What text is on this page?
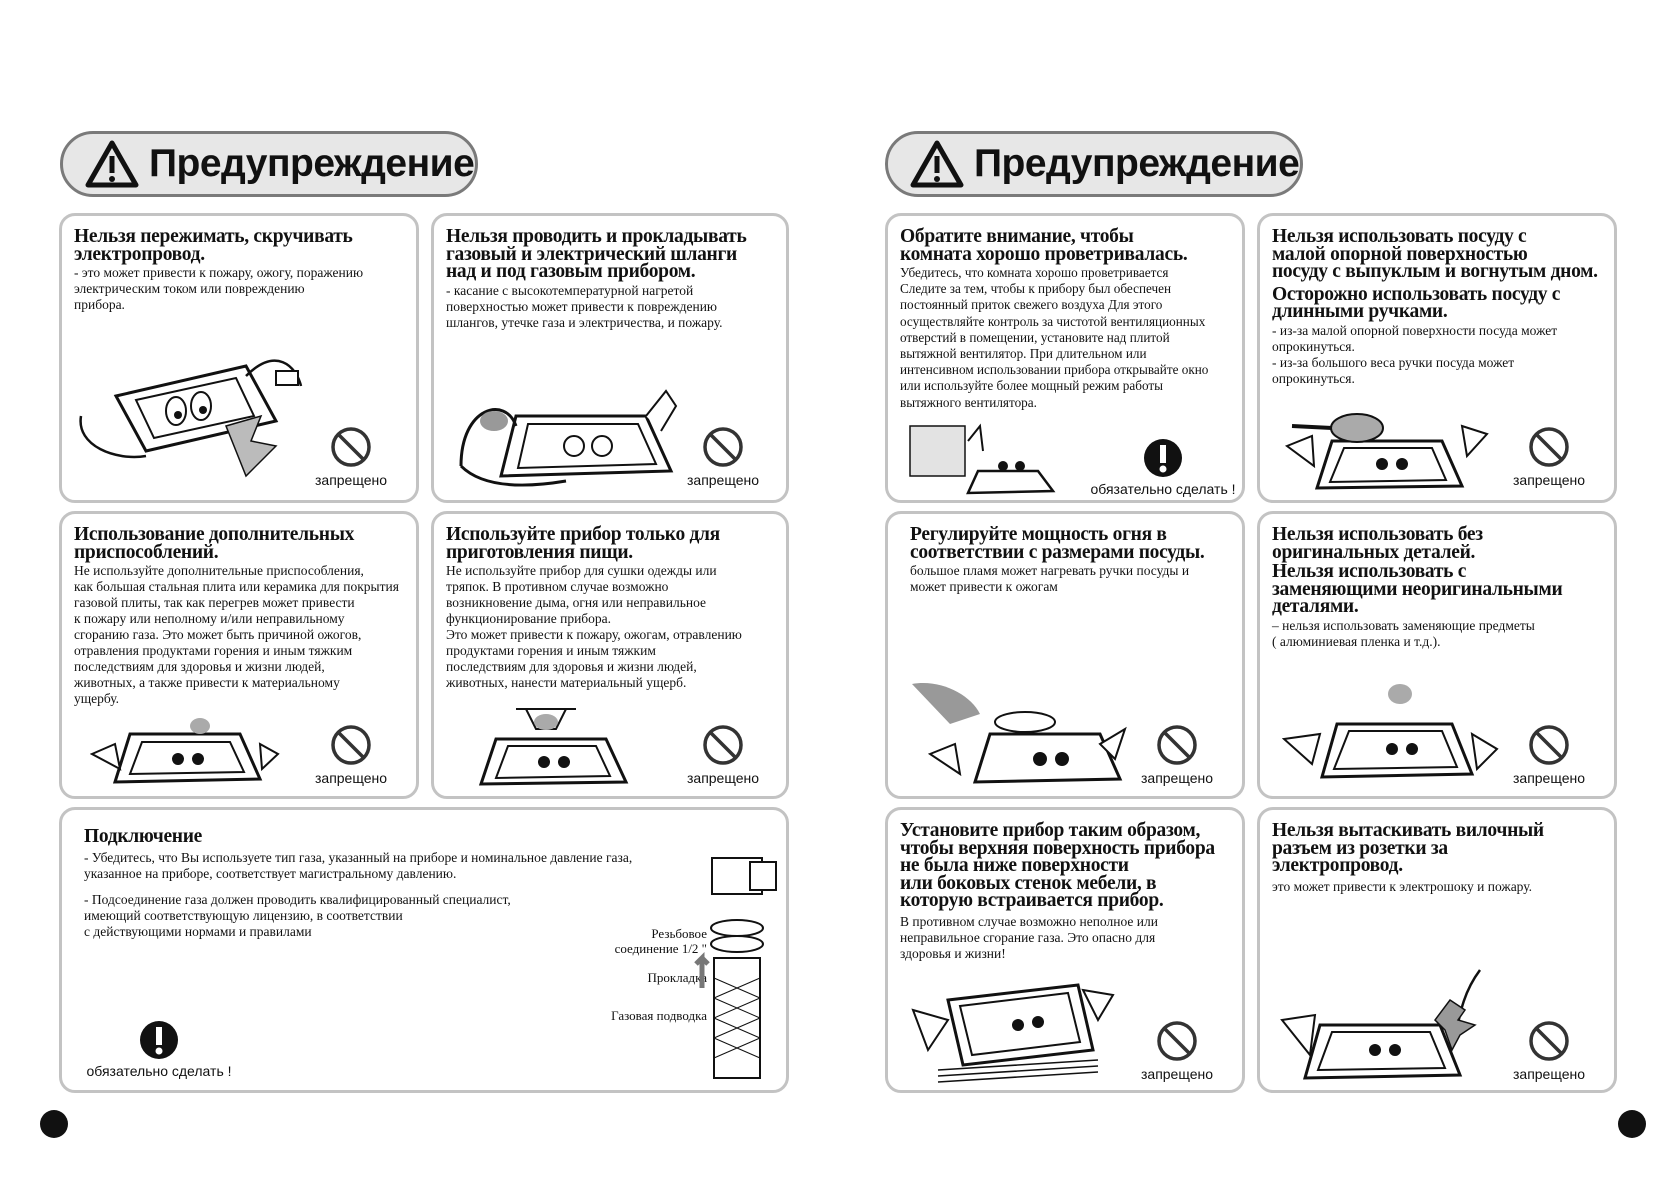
Предупреждение	Предупреждение
Нельзя пережимать, скручивать
электропровод.
- это может привести к пожару, ожогу, поражению
электрическим током или повреждению
прибора.
запрещено
Нельзя проводить и прокладывать
газовый и электрический шланги
над и под газовым прибором.
- касание с высокотемпературной нагретой
поверхностью может привести к повреждению
шлангов, утечке газа и электричества, и пожару.
запрещено
Использование дополнительных
приспособлений.
Не используйте дополнительные приспособления,
как большая стальная плита или керамика для покрытия
газовой плиты, так как перегрев может привести
к пожару или неполному и/или неправильному
сгоранию газа. Это может быть причиной ожогов,
отравления продуктами горения и иным тяжким
последствиям для здоровья и жизни людей,
животных, а также привести к материальному
ущербу.
запрещено
Используйте прибор только для
приготовления пищи.
Не используйте прибор для сушки одежды или
тряпок. В противном случае возможно
возникновение дыма, огня или неправильное
функционирование прибора.
Это может привести к пожару, ожогам, отравлению
продуктами горения и иным тяжким
последствиям для здоровья и жизни людей,
животных, нанести материальный ущерб.
запрещено
Подключение
- Убедитесь, что Вы используете тип газа, указанный на приборе и номинальное давление газа,
указанное на приборе, соответствует магистральному давлению.
- Подсоединение газа должен проводить квалифицированный специалист,
имеющий соответствующую лицензию, в соответствии
с действующими нормами и правилами	Резьбовое
соединение 1/2 "
Прокладка
Газовая подводка
обязательно сделать !
Обратите внимание, чтобы
комната хорошо проветривалась.
Убедитесь, что комната хорошо проветривается
Следите за тем, чтобы к прибору был обеспечен
постоянный приток свежего воздуха Для этого
осуществляйте контроль за чистотой вентиляционных
отверстий в помещении, установите над плитой
вытяжной вентилятор. При длительном или
интенсивном использовании прибора открывайте окно
или используйте более мощный режим работы
вытяжного вентилятора.
обязательно сделать !
Нельзя использовать посуду с
малой опорной поверхностью
посуду с выпуклым и вогнутым дном.
Осторожно использовать посуду с
длинными ручками.
- из-за малой опорной поверхности посуда может
опрокинуться.
- из-за большого веса ручки посуда может
опрокинуться.
запрещено
Регулируйте мощность огня в
соответствии с размерами посуды.
большое пламя может нагревать ручки посуды и
может привести к ожогам
запрещено
Нельзя использовать без
оригинальных деталей.
Нельзя использовать с
заменяющими неоригинальными
деталями.
– нельзя использовать заменяющие предметы
( алюминиевая пленка и т.д.).
запрещено
Установите прибор таким образом,
чтобы верхняя поверхность прибора
не была ниже поверхности
или боковых стенок мебели, в
которую встраивается прибор.
В противном случае возможно неполное или
неправильное сгорание газа. Это опасно для
здоровья и жизни!
запрещено
Нельзя вытаскивать вилочный
разъем из розетки за
электропровод.
это может привести к электрошоку и пожару.
запрещено
